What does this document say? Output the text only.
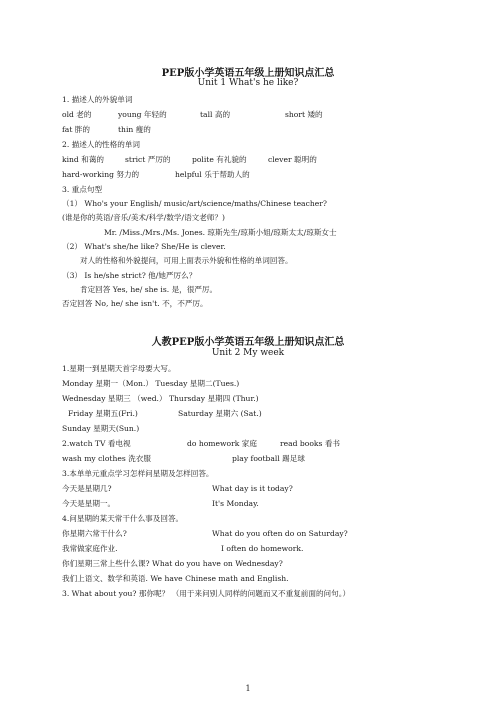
PEP版小学英语五年级上册知识点汇总
Unit 1 What's he like?
1. 描述人的外貌单词
old 老的	young 年轻的	tall 高的	short 矮的
fat 胖的	thin 瘦的
2. 描述人的性格的单词
kind 和蔼的	strict 严厉的	polite 有礼貌的	clever 聪明的
hard-working 努力的	helpful 乐于帮助人的
3. 重点句型
（1） Who's your English/ music/art/science/maths/Chinese teacher?
(谁是你的英语/音乐/美术/科学/数学/语文老师？)
Mr. /Miss./Mrs./Ms. Jones. 琼斯先生/琼斯小姐/琼斯太太/琼斯女士
（2） What's she/he like? She/He is clever.
对人的性格和外貌提问，可用上面表示外貌和性格的单词回答。
（3） Is he/she strict? 他/她严厉么？
肯定回答 Yes, he/ she is. 是，很严厉。
否定回答 No, he/ she isn't. 不，不严厉。
人教PEP版小学英语五年级上册知识点汇总
Unit 2 My week
1.星期一到星期天首字母要大写。
Monday 星期一（Mon.） Tuesday 星期二(Tues.)
Wednesday 星期三 （wed.） Thursday 星期四 (Thur.)
Friday 星期五(Fri.)	Saturday 星期六 (Sat.)
Sunday 星期天(Sun.)
2.watch TV 看电视	do homework 家庭	read books 看书
wash my clothes 洗衣服	play football 踢足球
3.本单单元重点学习怎样问星期及怎样回答。
今天是星期几?	What day is it today?
今天是星期一。	It's Monday.
4.问星期的某天常干什么事及回答。
你星期六常干什么?	What do you often do on Saturday?
我常做家庭作业.	I often do homework.
你们星期三常上些什么课? What do you have on Wednesday?
我们上语文、数学和英语. We have Chinese math and English.
3. What about you? 那你呢？ （用于来问别人同样的问题而又不重复前面的问句。）
1
